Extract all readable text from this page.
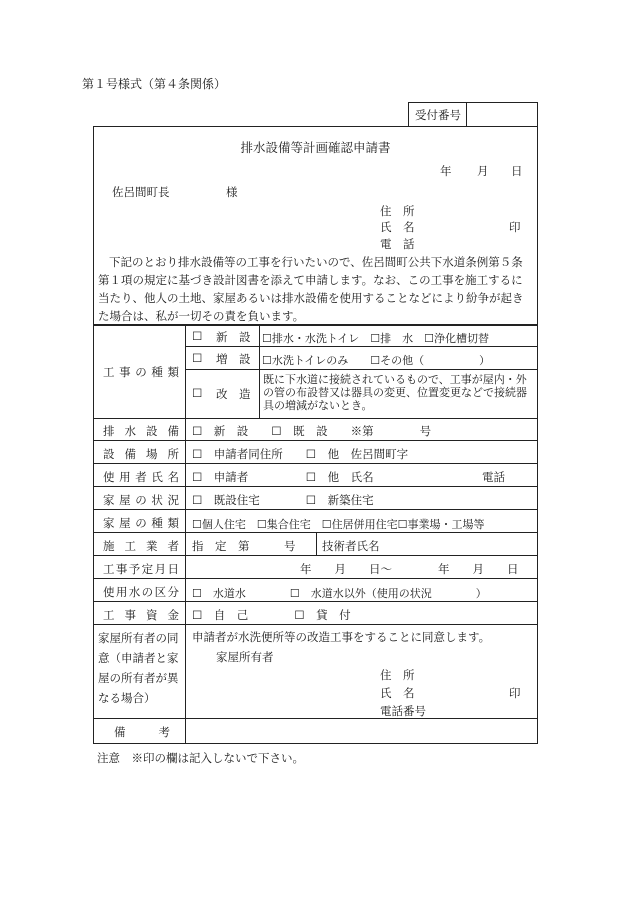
第１号様式（第４条関係）
受付番号
排水設備等計画確認申請書
年 月 日
佐呂間町長	様
住　所
氏　名	印
電　話
下記のとおり排水設備等の工事を行いたいので、佐呂間町公共下水道条例第５条第１項の規定に基づき設計図書を添えて申請します。なお、この工事を施工するに当たり、他人の土地、家屋あるいは排水設備を使用することなどにより紛争が起きた場合は、私が一切その責を負います。
工 事 の 種 類
☐ 新　設 ☐排水・水洗トイレ　☐排　水　☐浄化槽切替
☐ 増　設 ☐水洗トイレのみ　　☐その他（　　　　　）
☐ 改　造
既に下水道に接続されているもので、工事が屋内・外の管の布設替又は器具の変更、位置変更などで接続器具の増減がないとき。
排 水 設 備 ☐　新　設　　☐　既　設　　※第　　　　号
設 備 場 所 ☐　申請者同住所　　☐　他　佐呂間町字
使 用 者 氏 名 ☐　申請者　　　　　☐　他　氏名	電話
家 屋 の 状 況 ☐　既設住宅　　　　☐　新築住宅
家 屋 の 種 類 ☐個人住宅　☐集合住宅　☐住居併用住宅☐事業場・工場等
施 工 業 者 指　定　第　　　号 技術者氏名
工 事 予 定 月 日	年　　月　　日〜　　　　年　　月　　日
使 用 水 の 区 分 ☐　水道水　　　　☐　水道水以外（使用の状況　　　　）
工 事 資 金 ☐　自　己　　　　☐　貸　付
家屋所有者の同意（申請者と家屋の所有者が異なる場合）
申請者が水洗便所等の改造工事をすることに同意します。
家屋所有者
住　所
氏　名	印
電話番号
備	考
注意　※印の欄は記入しないで下さい。
